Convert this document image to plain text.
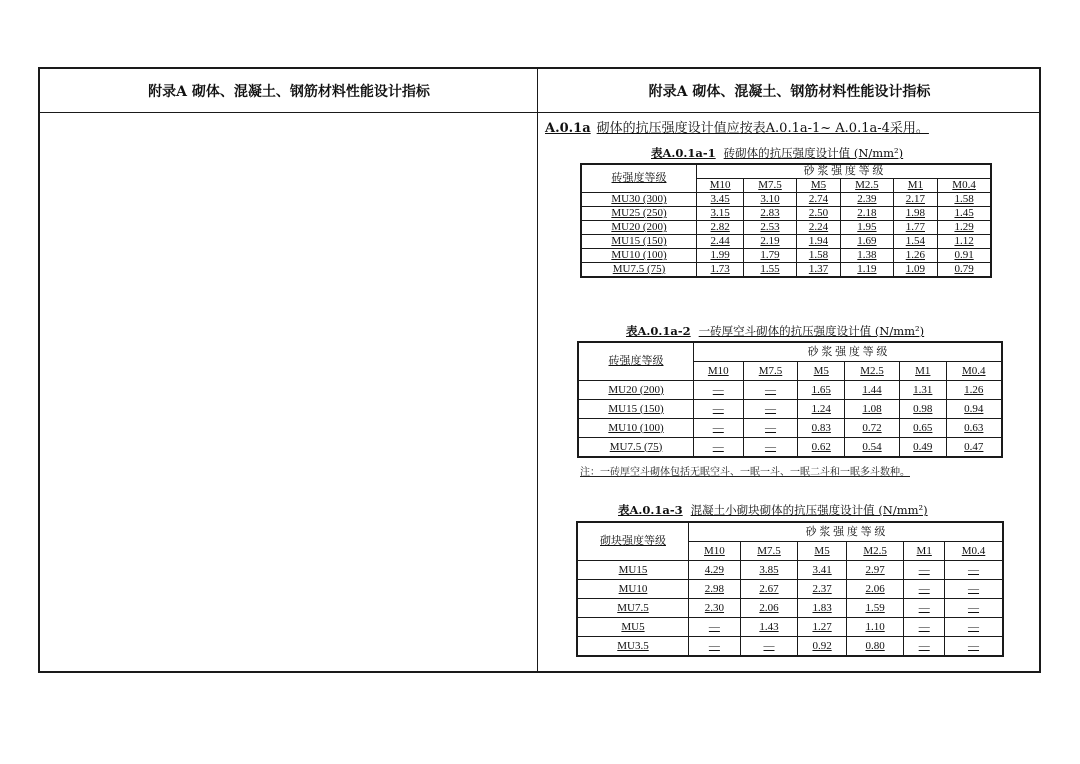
附录A 砌体、混凝土、钢筋材料性能设计指标	附录A 砌体、混凝土、钢筋材料性能设计指标
A.0.1a 砌体的抗压强度设计值应按表A.0.1a-1~ A.0.1a-4采用。
表A.0.1a-1 砖砌体的抗压强度设计值 (N/mm²)
砖强度等级	砂 浆 强 度 等 级					
	M10	M7.5	M5	M2.5	M1	M0.4
MU30 (300)	3.45	3.10	2.74	2.39	2.17	1.58
MU25 (250)	3.15	2.83	2.50	2.18	1.98	1.45
MU20 (200)	2.82	2.53	2.24	1.95	1.77	1.29
MU15 (150)	2.44	2.19	1.94	1.69	1.54	1.12
MU10 (100)	1.99	1.79	1.58	1.38	1.26	0.91
MU7.5 (75)	1.73	1.55	1.37	1.19	1.09	0.79
表A.0.1a-2 一砖厚空斗砌体的抗压强度设计值 (N/mm²)
砖强度等级	砂 浆 强 度 等 级					
	M10	M7.5	M5	M2.5	M1	M0.4
MU20 (200)	—	—	1.65	1.44	1.31	1.26
MU15 (150)	—	—	1.24	1.08	0.98	0.94
MU10 (100)	—	—	0.83	0.72	0.65	0.63
MU7.5 (75)	—	—	0.62	0.54	0.49	0.47
注：一砖厚空斗砌体包括无眠空斗、一眠一斗、一眠二斗和一眠多斗数种。
表A.0.1a-3 混凝土小砌块砌体的抗压强度设计值 (N/mm²)
砌块强度等级	砂 浆 强 度 等 级					
	M10	M7.5	M5	M2.5	M1	M0.4
MU15	4.29	3.85	3.41	2.97	—	—
MU10	2.98	2.67	2.37	2.06	—	—
MU7.5	2.30	2.06	1.83	1.59	—	—
MU5	—	1.43	1.27	1.10	—	—
MU3.5	—	—	0.92	0.80	—	—
